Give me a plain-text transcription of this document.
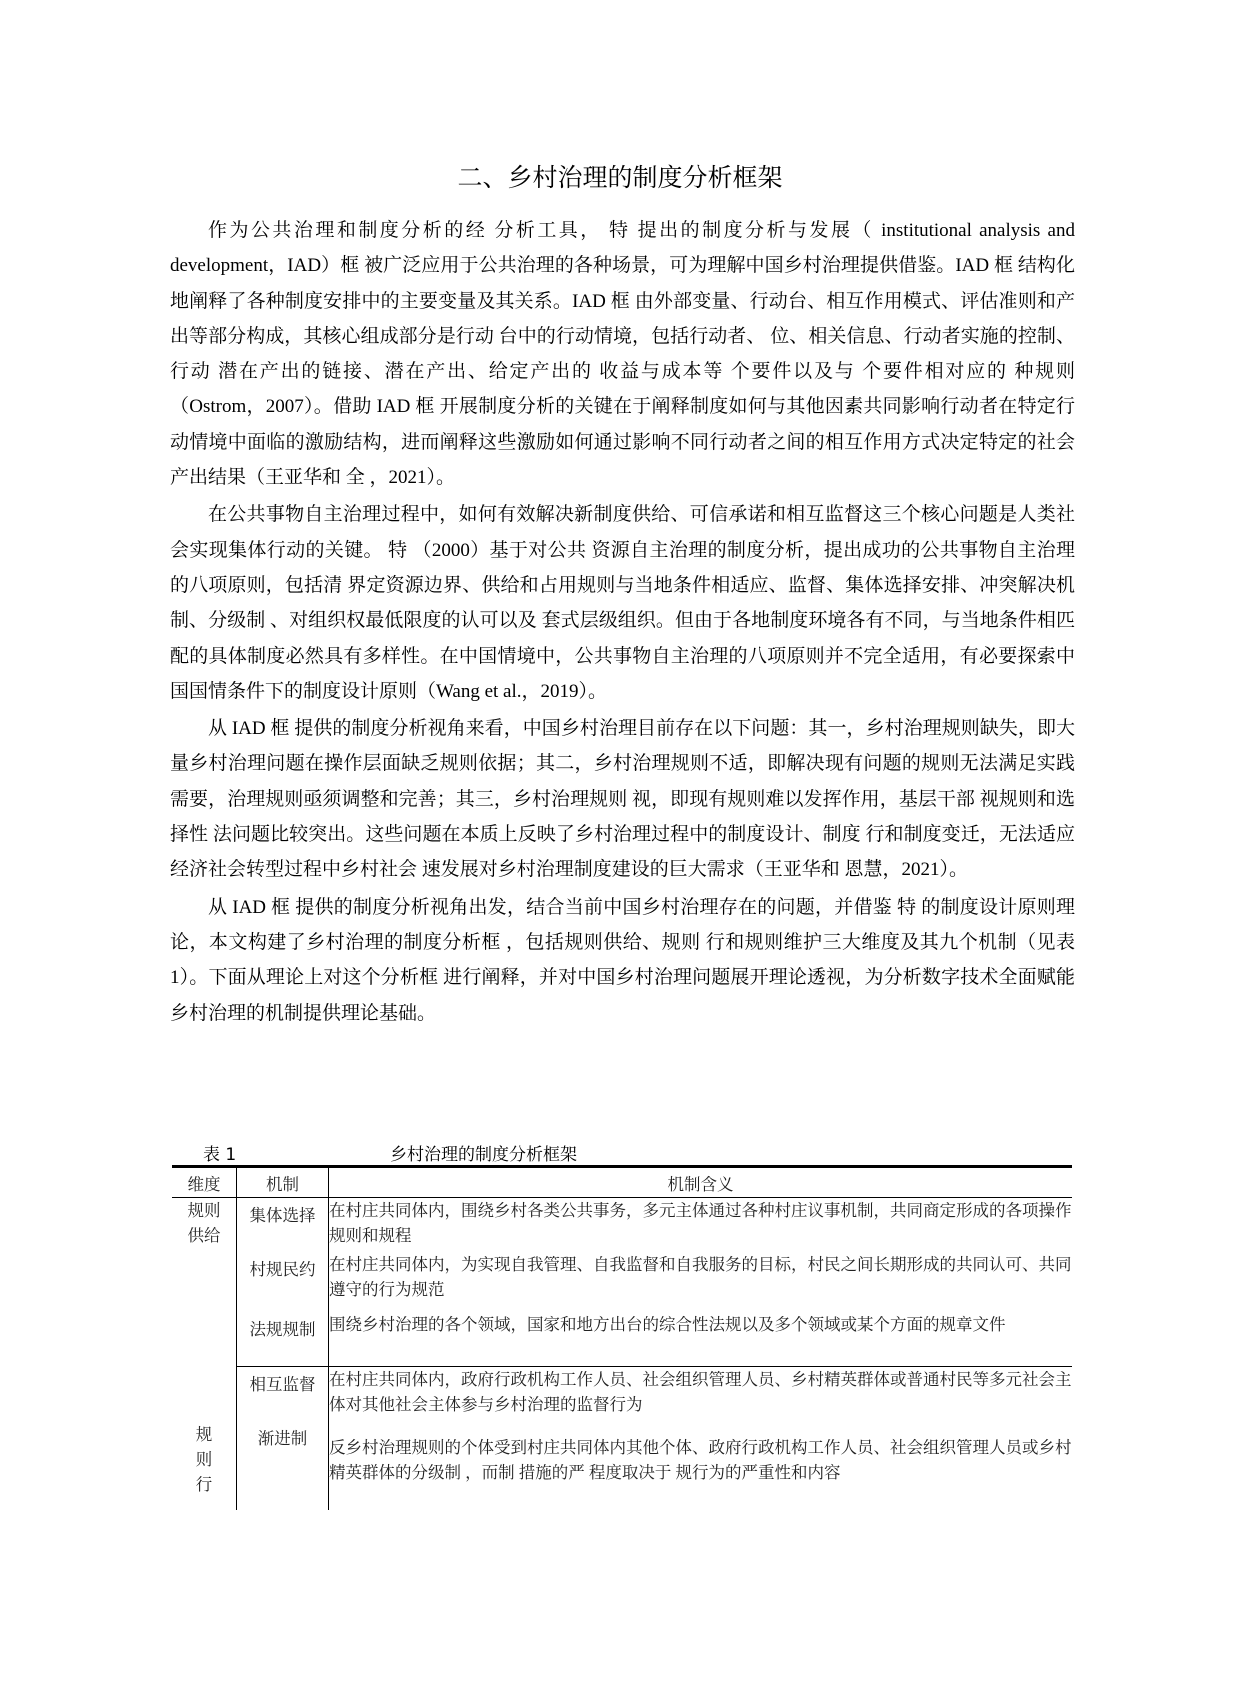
二、乡村治理的制度分析框架

作为公共治理和制度分析的经 分析工具， 特 提出的制度分析与发展（ institutional analysis and development，IAD）框 被广泛应用于公共治理的各种场景，可为理解中国乡村治理提供借鉴。IAD 框 结构化地阐释了各种制度安排中的主要变量及其关系。IAD 框 由外部变量、行动台、相互作用模式、评估准则和产出等部分构成，其核心组成部分是行动 台中的行动情境，包括行动者、 位、相关信息、行动者实施的控制、行动 潜在产出的链接、潜在产出、给定产出的 收益与成本等 个要件以及与 个要件相对应的 种规则（Ostrom，2007）。借助 IAD 框 开展制度分析的关键在于阐释制度如何与其他因素共同影响行动者在特定行动情境中面临的激励结构，进而阐释这些激励如何通过影响不同行动者之间的相互作用方式决定特定的社会产出结果（王亚华和 全 ，2021）。

在公共事物自主治理过程中，如何有效解决新制度供给、可信承诺和相互监督这三个核心问题是人类社会实现集体行动的关键。 特 （2000）基于对公共 资源自主治理的制度分析，提出成功的公共事物自主治理的八项原则，包括清 界定资源边界、供给和占用规则与当地条件相适应、监督、集体选择安排、冲突解决机制、分级制 、对组织权最低限度的认可以及 套式层级组织。但由于各地制度环境各有不同，与当地条件相匹配的具体制度必然具有多样性。在中国情境中，公共事物自主治理的八项原则并不完全适用，有必要探索中国国情条件下的制度设计原则（Wang et al.，2019）。

从 IAD 框 提供的制度分析视角来看，中国乡村治理目前存在以下问题：其一，乡村治理规则缺失，即大量乡村治理问题在操作层面缺乏规则依据；其二，乡村治理规则不适，即解决现有问题的规则无法满足实践需要，治理规则亟须调整和完善；其三，乡村治理规则 视，即现有规则难以发挥作用，基层干部 视规则和选择性 法问题比较突出。这些问题在本质上反映了乡村治理过程中的制度设计、制度 行和制度变迁，无法适应经济社会转型过程中乡村社会 速发展对乡村治理制度建设的巨大需求（王亚华和 恩慧，2021）。

从 IAD 框 提供的制度分析视角出发，结合当前中国乡村治理存在的问题，并借鉴 特 的制度设计原则理论，本文构建了乡村治理的制度分析框 ，包括规则供给、规则 行和规则维护三大维度及其九个机制（见表 1）。下面从理论上对这个分析框 进行阐释，并对中国乡村治理问题展开理论透视，为分析数字技术全面赋能乡村治理的机制提供理论基础。

表 1	乡村治理的制度分析框架
维度	机制	机制含义
规则供给	集体选择	在村庄共同体内，围绕乡村各类公共事务，多元主体通过各种村庄议事机制，共同商定形成的各项操作规则和规程
	村规民约	在村庄共同体内，为实现自我管理、自我监督和自我服务的目标，村民之间长期形成的共同认可、共同遵守的行为规范
	法规规制	围绕乡村治理的各个领域，国家和地方出台的综合性法规以及多个领域或某个方面的规章文件
规则行	相互监督	在村庄共同体内，政府行政机构工作人员、社会组织管理人员、乡村精英群体或普通村民等多元社会主体对其他社会主体参与乡村治理的监督行为
	渐进制	反乡村治理规则的个体受到村庄共同体内其他个体、政府行政机构工作人员、社会组织管理人员或乡村精英群体的分级制 ，而制 措施的严 程度取决于 规行为的严重性和内容
